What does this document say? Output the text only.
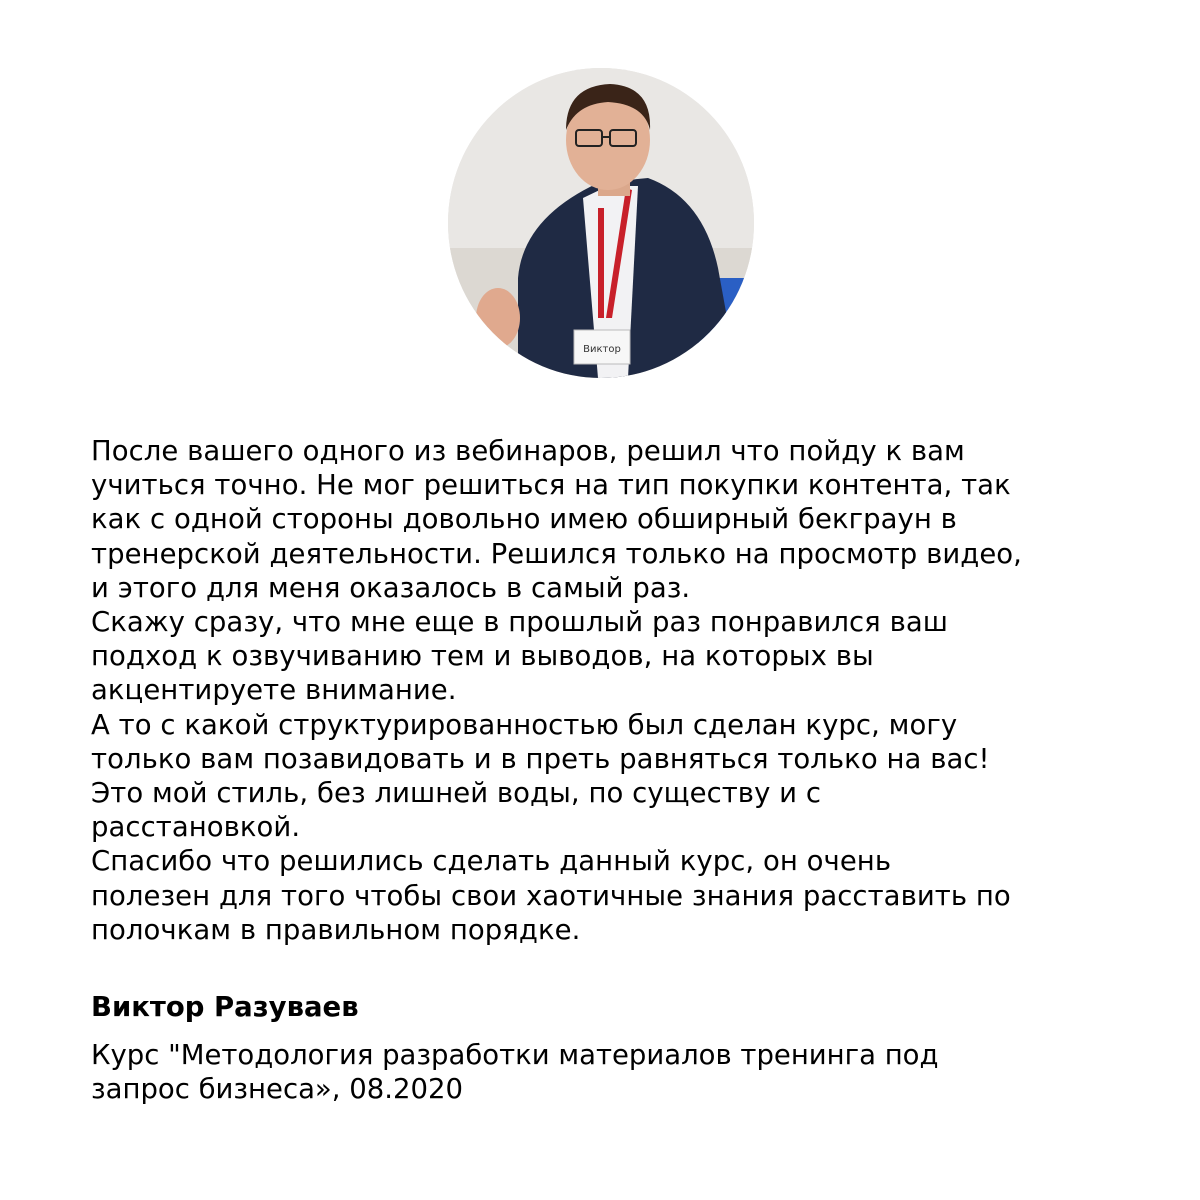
Виктор

После вашего одного из вебинаров, решил что пойду к вам
учиться точно. Не мог решиться на тип покупки контента, так
как с одной стороны довольно имею обширный бекграун в
тренерской деятельности. Решился только на просмотр видео,
и этого для меня оказалось в самый раз.
Скажу сразу, что мне еще в прошлый раз понравился ваш
подход к озвучиванию тем и выводов, на которых вы
акцентируете внимание.
А то с какой структурированностью был сделан курс, могу
только вам позавидовать и в преть равняться только на вас!
Это мой стиль, без лишней воды, по существу и с
расстановкой.
Спасибо что решились сделать данный курс, он очень
полезен для того чтобы свои хаотичные знания расставить по
полочкам в правильном порядке.

Виктор Разуваев

Курс "Методология разработки материалов тренинга под
запрос бизнеса», 08.2020
